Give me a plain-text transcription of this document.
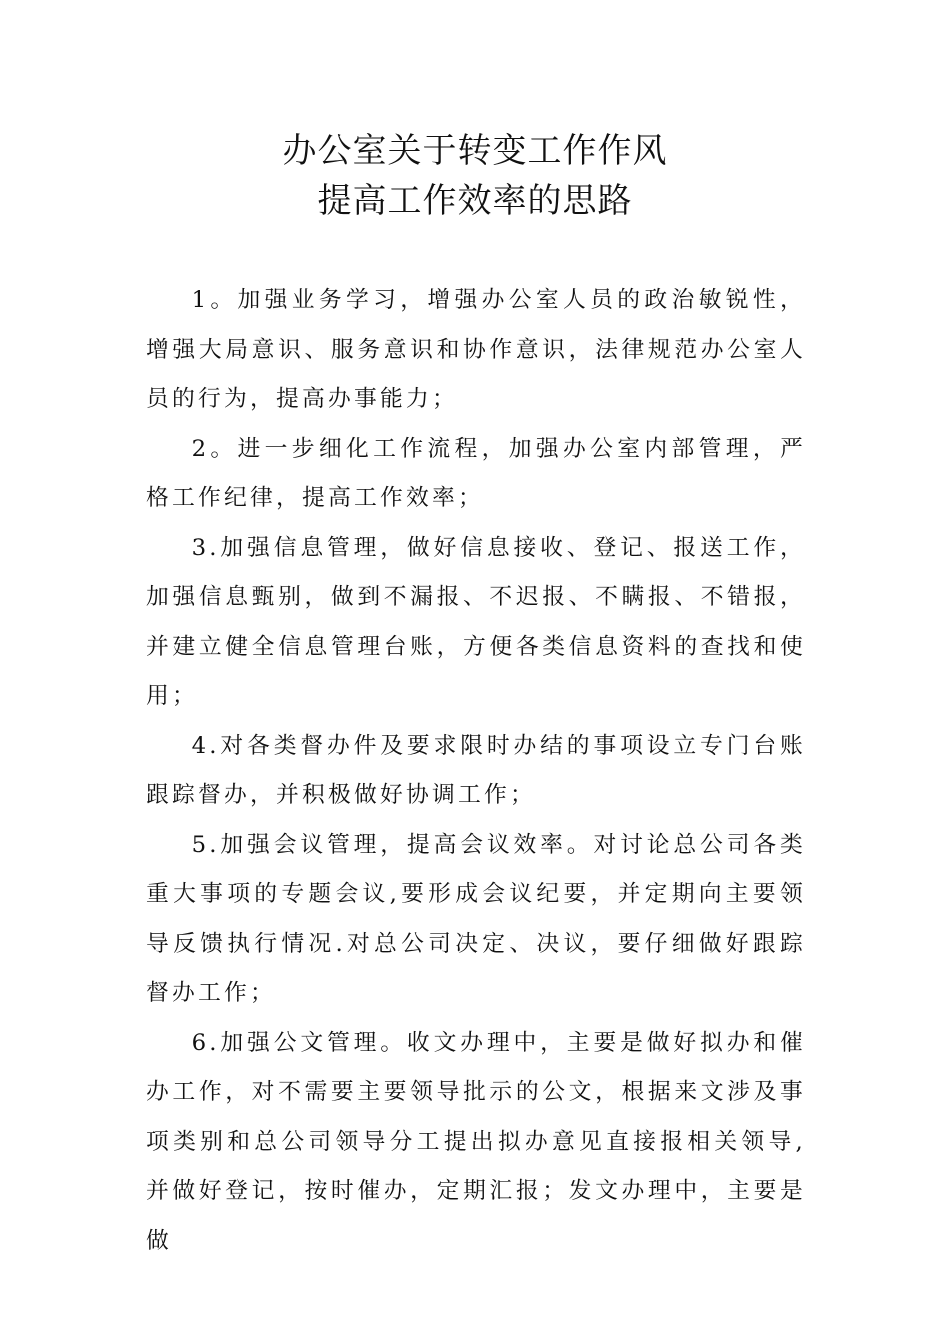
办公室关于转变工作作风
提高工作效率的思路

1。加强业务学习，增强办公室人员的政治敏锐性，增强大局意识、服务意识和协作意识，法律规范办公室人员的行为，提高办事能力；

2。进一步细化工作流程，加强办公室内部管理，严格工作纪律，提高工作效率；

3.加强信息管理，做好信息接收、登记、报送工作，加强信息甄别，做到不漏报、不迟报、不瞒报、不错报，并建立健全信息管理台账，方便各类信息资料的查找和使用；

4.对各类督办件及要求限时办结的事项设立专门台账跟踪督办，并积极做好协调工作；

5.加强会议管理，提高会议效率。对讨论总公司各类重大事项的专题会议,要形成会议纪要，并定期向主要领导反馈执行情况.对总公司决定、决议，要仔细做好跟踪督办工作；

6.加强公文管理。收文办理中，主要是做好拟办和催办工作，对不需要主要领导批示的公文，根据来文涉及事项类别和总公司领导分工提出拟办意见直接报相关领导,并做好登记，按时催办，定期汇报；发文办理中，主要是做
